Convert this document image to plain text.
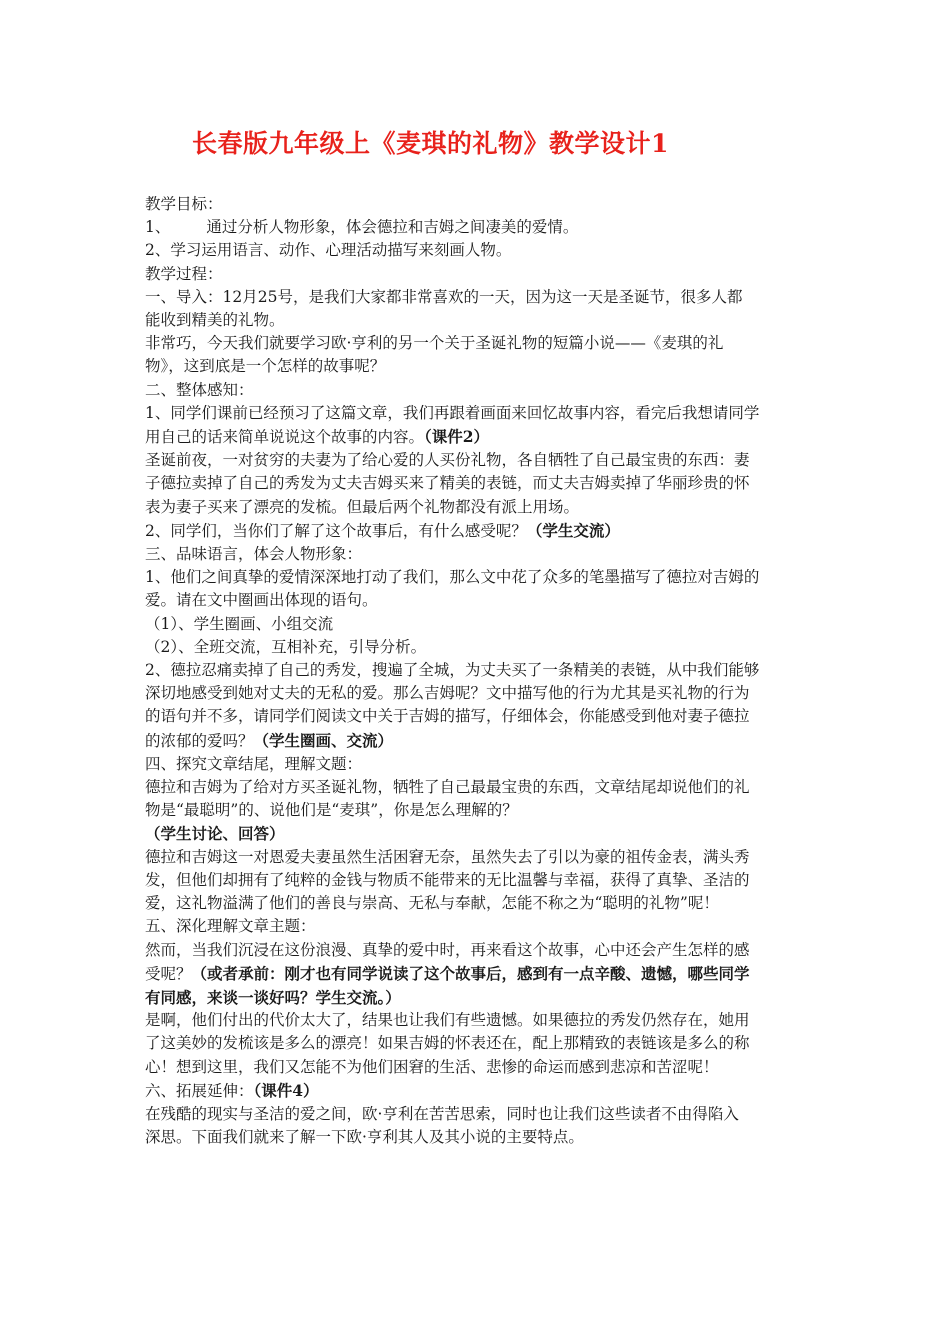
长春版九年级上《麦琪的礼物》教学设计1

教学目标：

1、 通过分析人物形象，体会德拉和吉姆之间凄美的爱情。

2、学习运用语言、动作、心理活动描写来刻画人物。

教学过程：

一、导入：12月25号，是我们大家都非常喜欢的一天，因为这一天是圣诞节，很多人都

能收到精美的礼物。

非常巧，今天我们就要学习欧·亨利的另一个关于圣诞礼物的短篇小说——《麦琪的礼

物》，这到底是一个怎样的故事呢？

二、整体感知：

1、同学们课前已经预习了这篇文章，我们再跟着画面来回忆故事内容，看完后我想请同学

用自己的话来简单说说这个故事的内容。（课件2）

圣诞前夜，一对贫穷的夫妻为了给心爱的人买份礼物，各自牺牲了自己最宝贵的东西：妻

子德拉卖掉了自己的秀发为丈夫吉姆买来了精美的表链，而丈夫吉姆卖掉了华丽珍贵的怀

表为妻子买来了漂亮的发梳。但最后两个礼物都没有派上用场。

2、同学们，当你们了解了这个故事后，有什么感受呢？（学生交流）

三、品味语言，体会人物形象：

1、他们之间真挚的爱情深深地打动了我们，那么文中花了众多的笔墨描写了德拉对吉姆的

爱。请在文中圈画出体现的语句。

（1）、学生圈画、小组交流

（2）、全班交流，互相补充，引导分析。

2、德拉忍痛卖掉了自己的秀发，搜遍了全城，为丈夫买了一条精美的表链，从中我们能够

深切地感受到她对丈夫的无私的爱。那么吉姆呢？文中描写他的行为尤其是买礼物的行为

的语句并不多，请同学们阅读文中关于吉姆的描写，仔细体会，你能感受到他对妻子德拉

的浓郁的爱吗？（学生圈画、交流）

四、探究文章结尾，理解文题：

德拉和吉姆为了给对方买圣诞礼物，牺牲了自己最最宝贵的东西，文章结尾却说他们的礼

物是“最聪明”的、说他们是“麦琪”，你是怎么理解的？

（学生讨论、回答）

德拉和吉姆这一对恩爱夫妻虽然生活困窘无奈，虽然失去了引以为豪的祖传金表，满头秀

发，但他们却拥有了纯粹的金钱与物质不能带来的无比温馨与幸福，获得了真挚、圣洁的

爱，这礼物溢满了他们的善良与崇高、无私与奉献，怎能不称之为“聪明的礼物”呢！

五、深化理解文章主题：

然而，当我们沉浸在这份浪漫、真挚的爱中时，再来看这个故事，心中还会产生怎样的感

受呢？（或者承前：刚才也有同学说读了这个故事后，感到有一点辛酸、遗憾，哪些同学

有同感，来谈一谈好吗？学生交流。）

是啊，他们付出的代价太大了，结果也让我们有些遗憾。如果德拉的秀发仍然存在，她用

了这美妙的发梳该是多么的漂亮！如果吉姆的怀表还在，配上那精致的表链该是多么的称

心！想到这里，我们又怎能不为他们困窘的生活、悲惨的命运而感到悲凉和苦涩呢！

六、拓展延伸：（课件4）

在残酷的现实与圣洁的爱之间，欧·亨利在苦苦思索，同时也让我们这些读者不由得陷入

深思。下面我们就来了解一下欧·亨利其人及其小说的主要特点。
